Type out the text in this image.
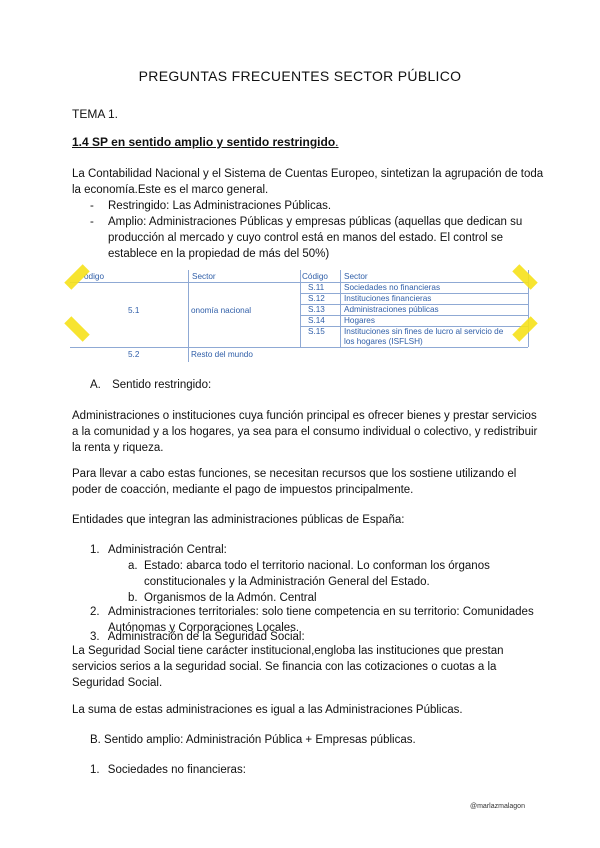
PREGUNTAS FRECUENTES SECTOR PÚBLICO
TEMA 1.
1.4 SP en sentido amplio y sentido restringido.
La Contabilidad Nacional y el Sistema de Cuentas Europeo, sintetizan la agrupación de toda
la economía.Este es el marco general.
- Restringido: Las Administraciones Públicas.
- Amplio: Administraciones Públicas y empresas públicas (aquellas que dedican su
producción al mercado y cuyo control está en manos del estado. El control se
establece en la propiedad de más del 50%)
ódigo	Sector	Código Sector
5.1	onomía nacional
S.11 Sociedades no financieras
S.12 Instituciones financieras
S.13 Administraciones públicas
S.14 Hogares
S.15 Instituciones sin fines de lucro al servicio de
los hogares (ISFLSH)
5.2	Resto del mundo
A. Sentido restringido:
Administraciones o instituciones cuya función principal es ofrecer bienes y prestar servicios
a la comunidad y a los hogares, ya sea para el consumo individual o colectivo, y redistribuir
la renta y riqueza.
Para llevar a cabo estas funciones, se necesitan recursos que los sostiene utilizando el
poder de coacción, mediante el pago de impuestos principalmente.
Entidades que integran las administraciones públicas de España:
1. Administración Central:
a. Estado: abarca todo el territorio nacional. Lo conforman los órganos
constitucionales y la Administración General del Estado.
b. Organismos de la Admón. Central
2. Administraciones territoriales: solo tiene competencia en su territorio: Comunidades
Autónomas y Corporaciones Locales.
3. Administración de la Seguridad Social:
La Seguridad Social tiene carácter institucional,engloba las instituciones que prestan
servicios serios a la seguridad social. Se financia con las cotizaciones o cuotas a la
Seguridad Social.
La suma de estas administraciones es igual a las Administraciones Públicas.
B. Sentido amplio: Administración Pública + Empresas públicas.
1. Sociedades no financieras:
@marlazmalagon
